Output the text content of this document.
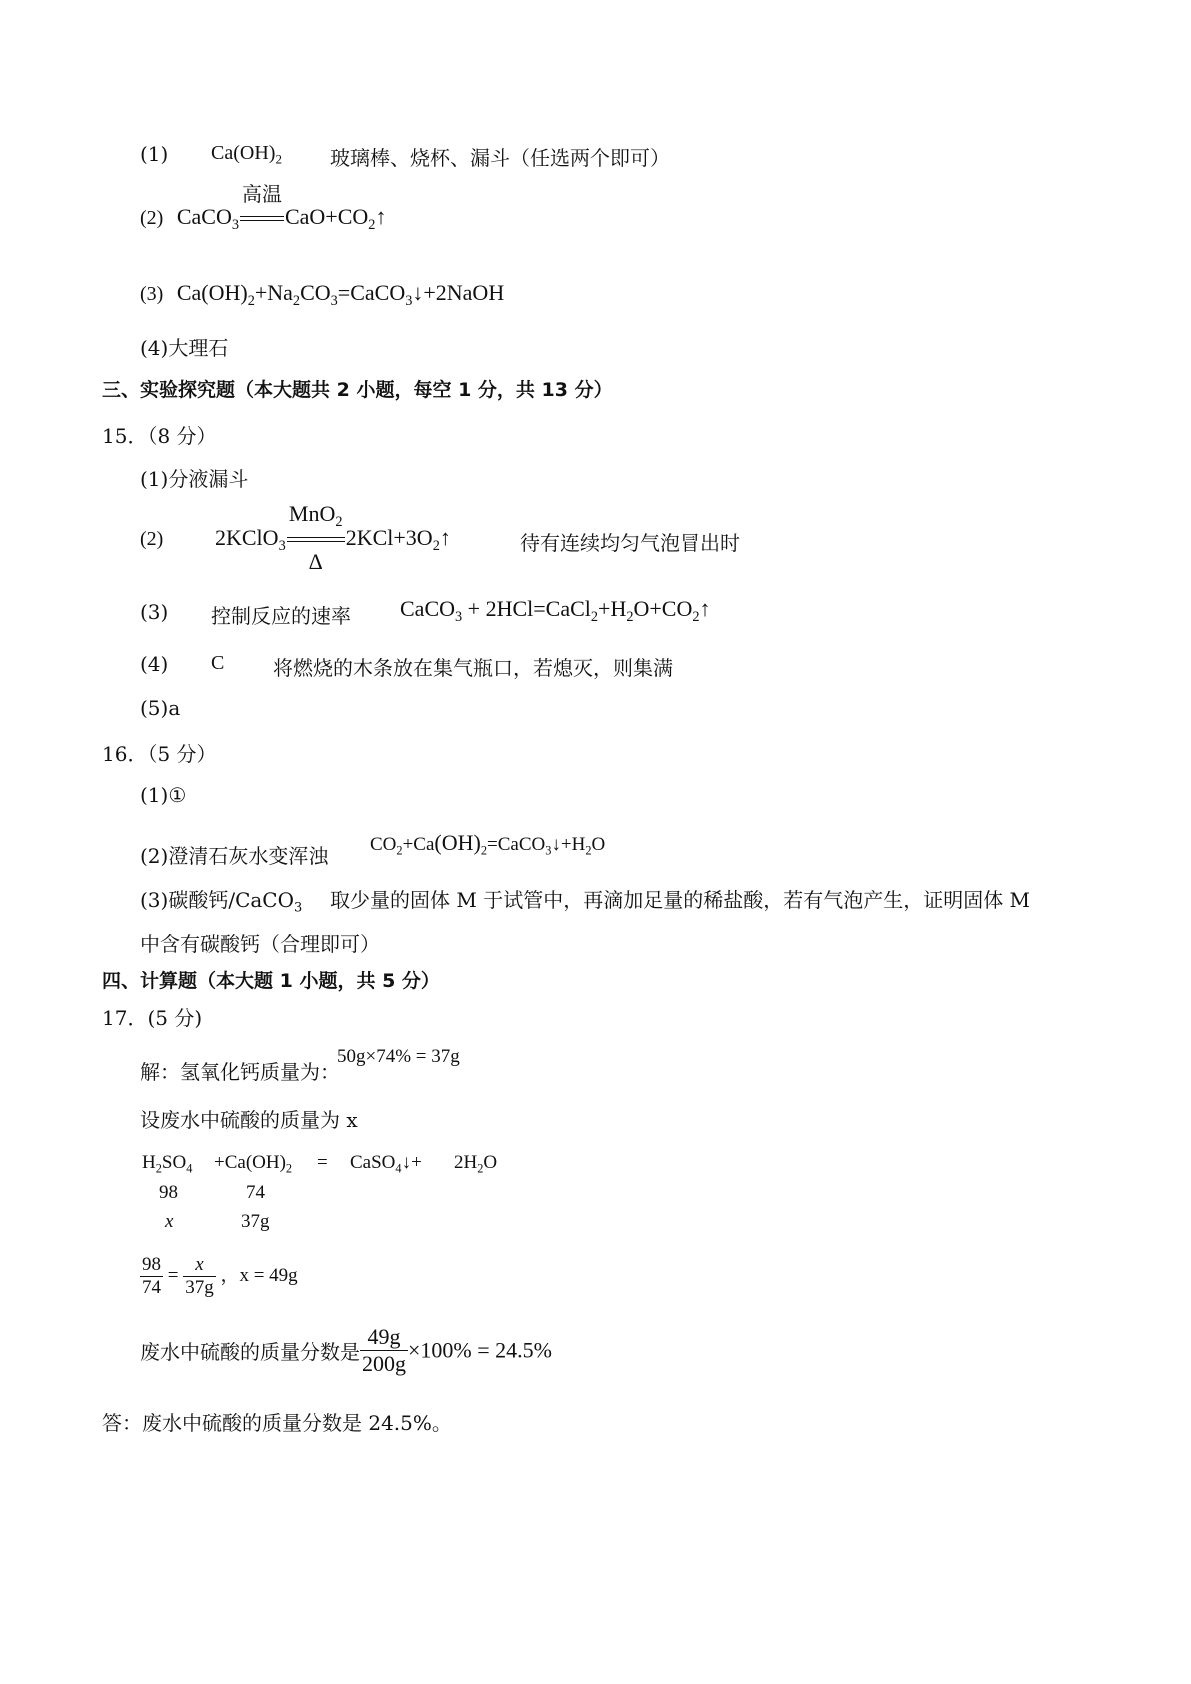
(1) $Ca(OH)_2$ 玻璃棒、烧杯、漏斗（任选两个即可）
(2) CaCO$_3$
高温
$CaO+CO_2↑$
(3) $Ca(OH)_2+Na_2CO_3=CaCO_3↓+2NaOH$
(4)大理石
三、实验探究题（本大题共 2 小题，每空 1 分，共 13 分）
15．（8 分）
(1)分液漏斗
(2) 2KClO$_3$
MnO$_2$
Δ
$2KCl+3O_2↑$	待有连续均匀气泡冒出时
(3) 控制反应的速率 CaCO$_3$ + $2HCl=CaCl_2+H_2O+CO_2↑$
(4) C 将燃烧的木条放在集气瓶口，若熄灭，则集满
(5)a
16．（5 分）
(1)①
(2)澄清石灰水变浑浊 $CO_2+Ca(OH)_2=CaCO_3↓+H_2O$
(3)碳酸钙/CaCO$_3$ 取少量的固体 M 于试管中，再滴加足量的稀盐酸，若有气泡产生，证明固体 M
中含有碳酸钙（合理即可）
四、计算题（本大题 1 小题，共 5 分）
17．(5 分)
解：氢氧化钙质量为：
50g×74% = 37g
设废水中硫酸的质量为 x
$H_2SO_4 +Ca(OH)_2$ = CaSO$_4$↓+ $2H_2O$
98	74
x	37g
$\frac{98}{74} = \frac{x}{37g}$ ，x = 49g
废水中硫酸的质量分数是 $\frac{49g}{200g} \times 100\% = 24.5\%$
答：废水中硫酸的质量分数是 24.5%。
